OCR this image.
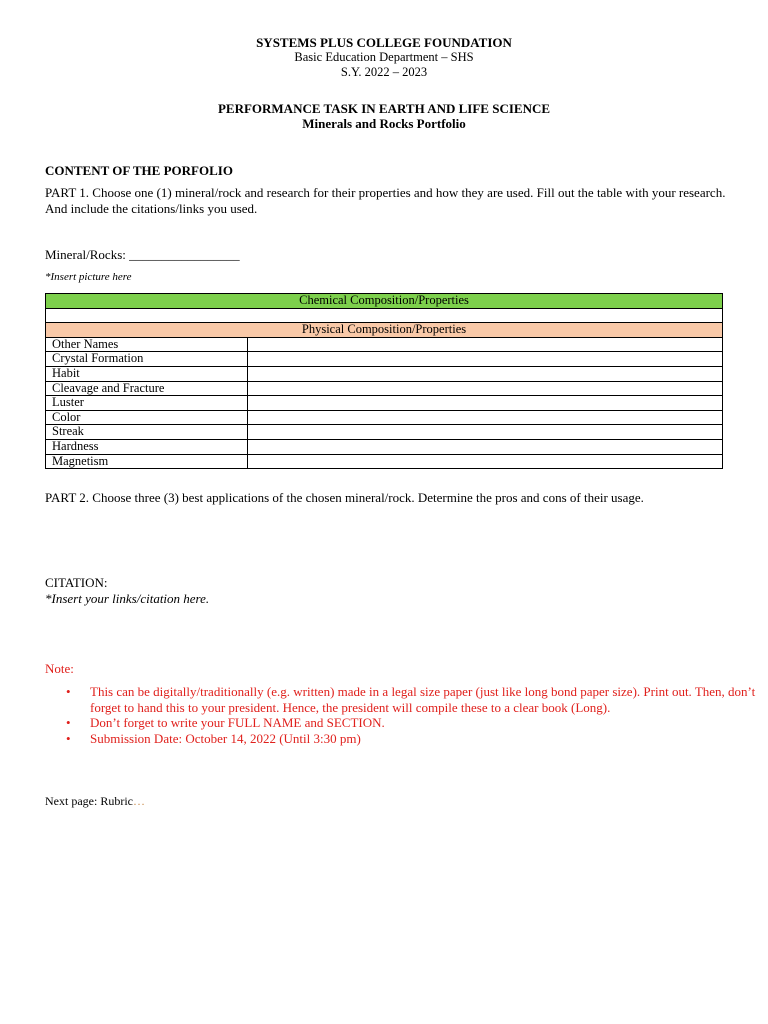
SYSTEMS PLUS COLLEGE FOUNDATION
Basic Education Department – SHS
S.Y. 2022 – 2023
PERFORMANCE TASK IN EARTH AND LIFE SCIENCE
Minerals and Rocks Portfolio
CONTENT OF THE PORFOLIO
PART 1. Choose one (1) mineral/rock and research for their properties and how they are used. Fill out the table with your research. And include the citations/links you used.
Mineral/Rocks: _________________
*Insert picture here
Chemical Composition/Properties	

Physical Composition/Properties	
Other Names	
Crystal Formation	
Habit	
Cleavage and Fracture	
Luster	
Color	
Streak	
Hardness	
Magnetism	
PART 2. Choose three (3) best applications of the chosen mineral/rock. Determine the pros and cons of their usage.
CITATION:
*Insert your links/citation here.
Note:
• This can be digitally/traditionally (e.g. written) made in a legal size paper (just like long bond paper size). Print out. Then, don’t forget to hand this to your president. Hence, the president will compile these to a clear book (Long).
• Don’t forget to write your FULL NAME and SECTION.
• Submission Date: October 14, 2022 (Until 3:30 pm)
Next page: Rubric…
